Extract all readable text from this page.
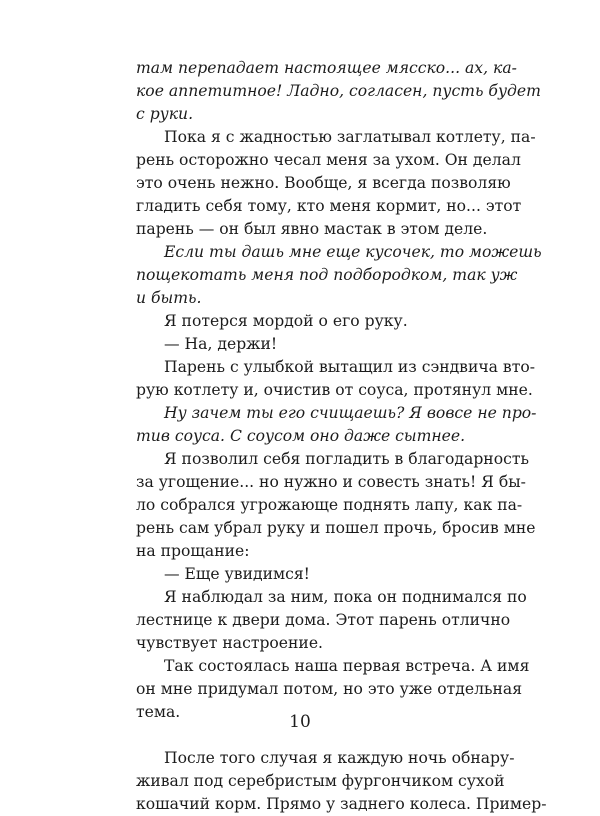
там перепадает настоящее мясско... ах, ка-
кое аппетитное! Ладно, согласен, пусть будет
с руки.
Пока я с жадностью заглатывал котлету, па-
рень осторожно чесал меня за ухом. Он делал
это очень нежно. Вообще, я всегда позволяю
гладить себя тому, кто меня кормит, но... этот
парень — он был явно мастак в этом деле.
Если ты дашь мне еще кусочек, то можешь
пощекотать меня под подбородком, так уж
и быть.
Я потерся мордой о его руку.
— На, держи!
Парень с улыбкой вытащил из сэндвича вто-
рую котлету и, очистив от соуса, протянул мне.
Ну зачем ты его счищаешь? Я вовсе не про-
тив соуса. С соусом оно даже сытнее.
Я позволил себя погладить в благодарность
за угощение... но нужно и совесть знать! Я бы-
ло собрался угрожающе поднять лапу, как па-
рень сам убрал руку и пошел прочь, бросив мне
на прощание:
— Еще увидимся!
Я наблюдал за ним, пока он поднимался по
лестнице к двери дома. Этот парень отлично
чувствует настроение.
Так состоялась наша первая встреча. А имя
он мне придумал потом, но это уже отдельная
тема.
После того случая я каждую ночь обнару-
живал под серебристым фургончиком сухой
кошачий корм. Прямо у заднего колеса. Пример-
10
